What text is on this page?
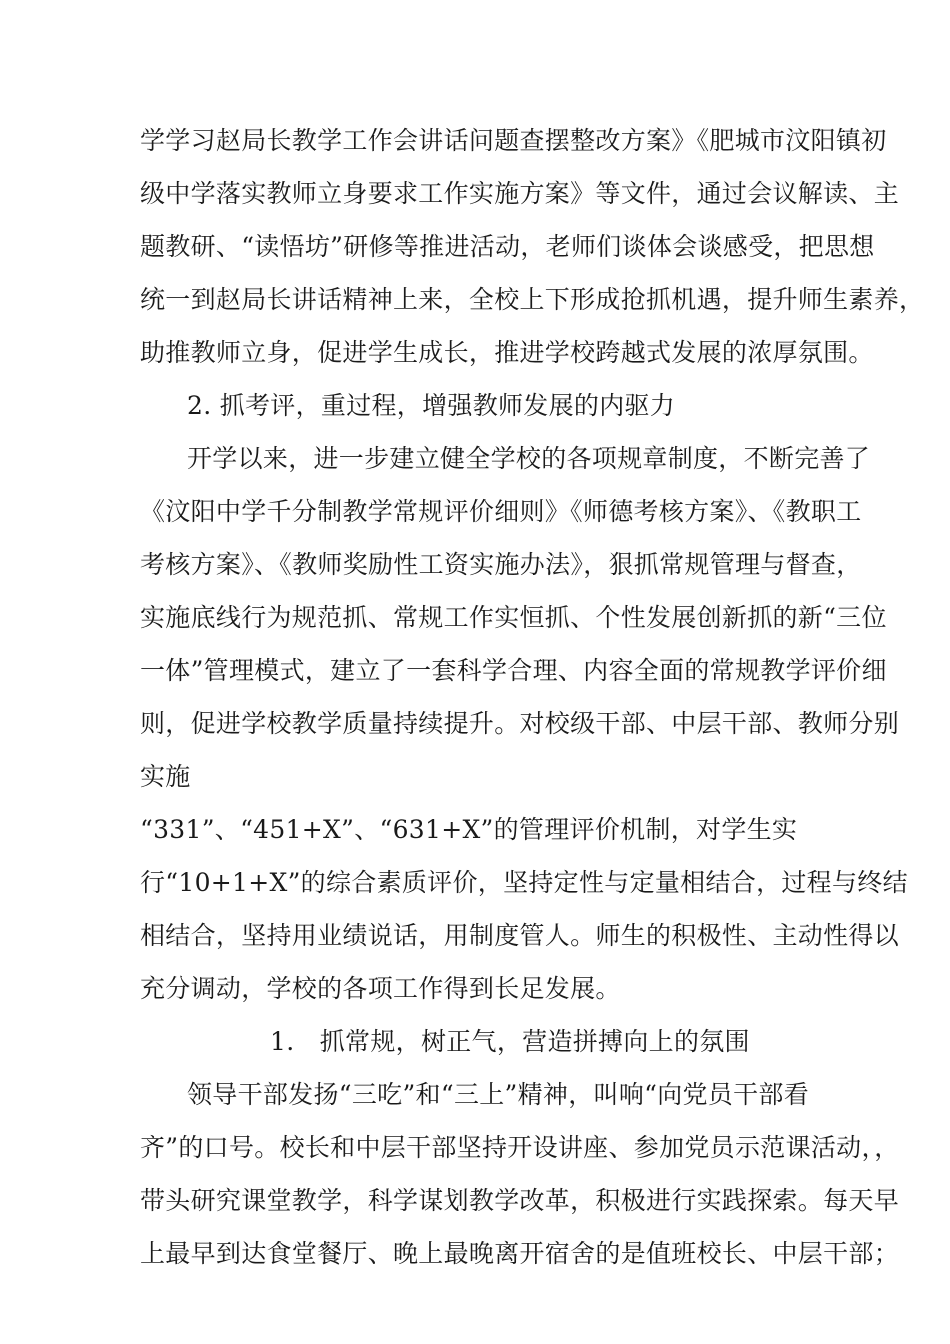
学学习赵局长教学工作会讲话问题查摆整改方案》《肥城市汶阳镇初
级中学落实教师立身要求工作实施方案》等文件，通过会议解读、主
题教研、“读悟坊”研修等推进活动，老师们谈体会谈感受，把思想
统一到赵局长讲话精神上来，全校上下形成抢抓机遇，提升师生素养，
助推教师立身，促进学生成长，推进学校跨越式发展的浓厚氛围。
2. 抓考评，重过程，增强教师发展的内驱力
开学以来，进一步建立健全学校的各项规章制度，不断完善了
《汶阳中学千分制教学常规评价细则》《师德考核方案》、《教职工
考核方案》、《教师奖励性工资实施办法》，狠抓常规管理与督查，
实施底线行为规范抓、常规工作实恒抓、个性发展创新抓的新“三位
一体”管理模式，建立了一套科学合理、内容全面的常规教学评价细
则，促进学校教学质量持续提升。对校级干部、中层干部、教师分别
实施
“331”、“451+X”、“631+X”的管理评价机制，对学生实
行“10+1+X”的综合素质评价，坚持定性与定量相结合，过程与终结
相结合，坚持用业绩说话，用制度管人。师生的积极性、主动性得以
充分调动，学校的各项工作得到长足发展。
1.　抓常规，树正气，营造拼搏向上的氛围
领导干部发扬“三吃”和“三上”精神，叫响“向党员干部看
齐”的口号。校长和中层干部坚持开设讲座、参加党员示范课活动，，
带头研究课堂教学，科学谋划教学改革，积极进行实践探索。每天早
上最早到达食堂餐厅、晚上最晚离开宿舍的是值班校长、中层干部；
